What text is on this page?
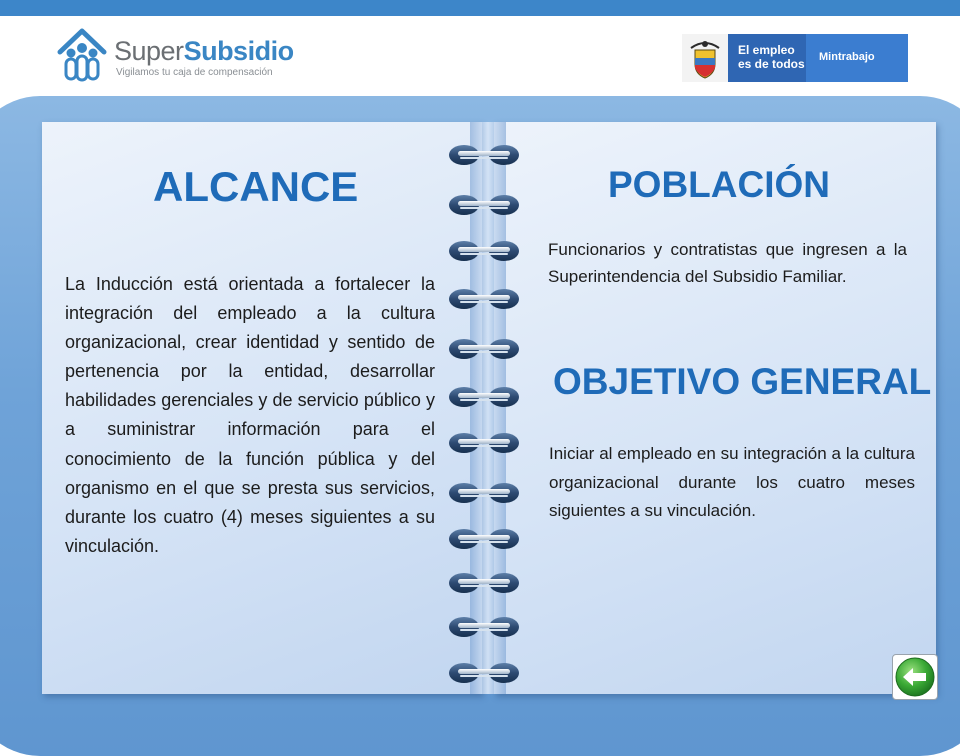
SuperSubsidio
Vigilamos tu caja de compensación
El empleo
es de todos Mintrabajo
ALCANCE

La Inducción está orientada a fortalecer la integración del empleado a la cultura organizacional, crear identidad y sentido de pertenencia por la entidad, desarrollar habilidades gerenciales y de servicio público y a suministrar información para el conocimiento de la función pública y del organismo en el que se presta sus servicios, durante los cuatro (4) meses siguientes a su vinculación.

POBLACIÓN

Funcionarios y contratistas que ingresen a la Superintendencia del Subsidio Familiar.

OBJETIVO GENERAL

Iniciar al empleado en su integración a la cultura organizacional durante los cuatro meses siguientes a su vinculación.
